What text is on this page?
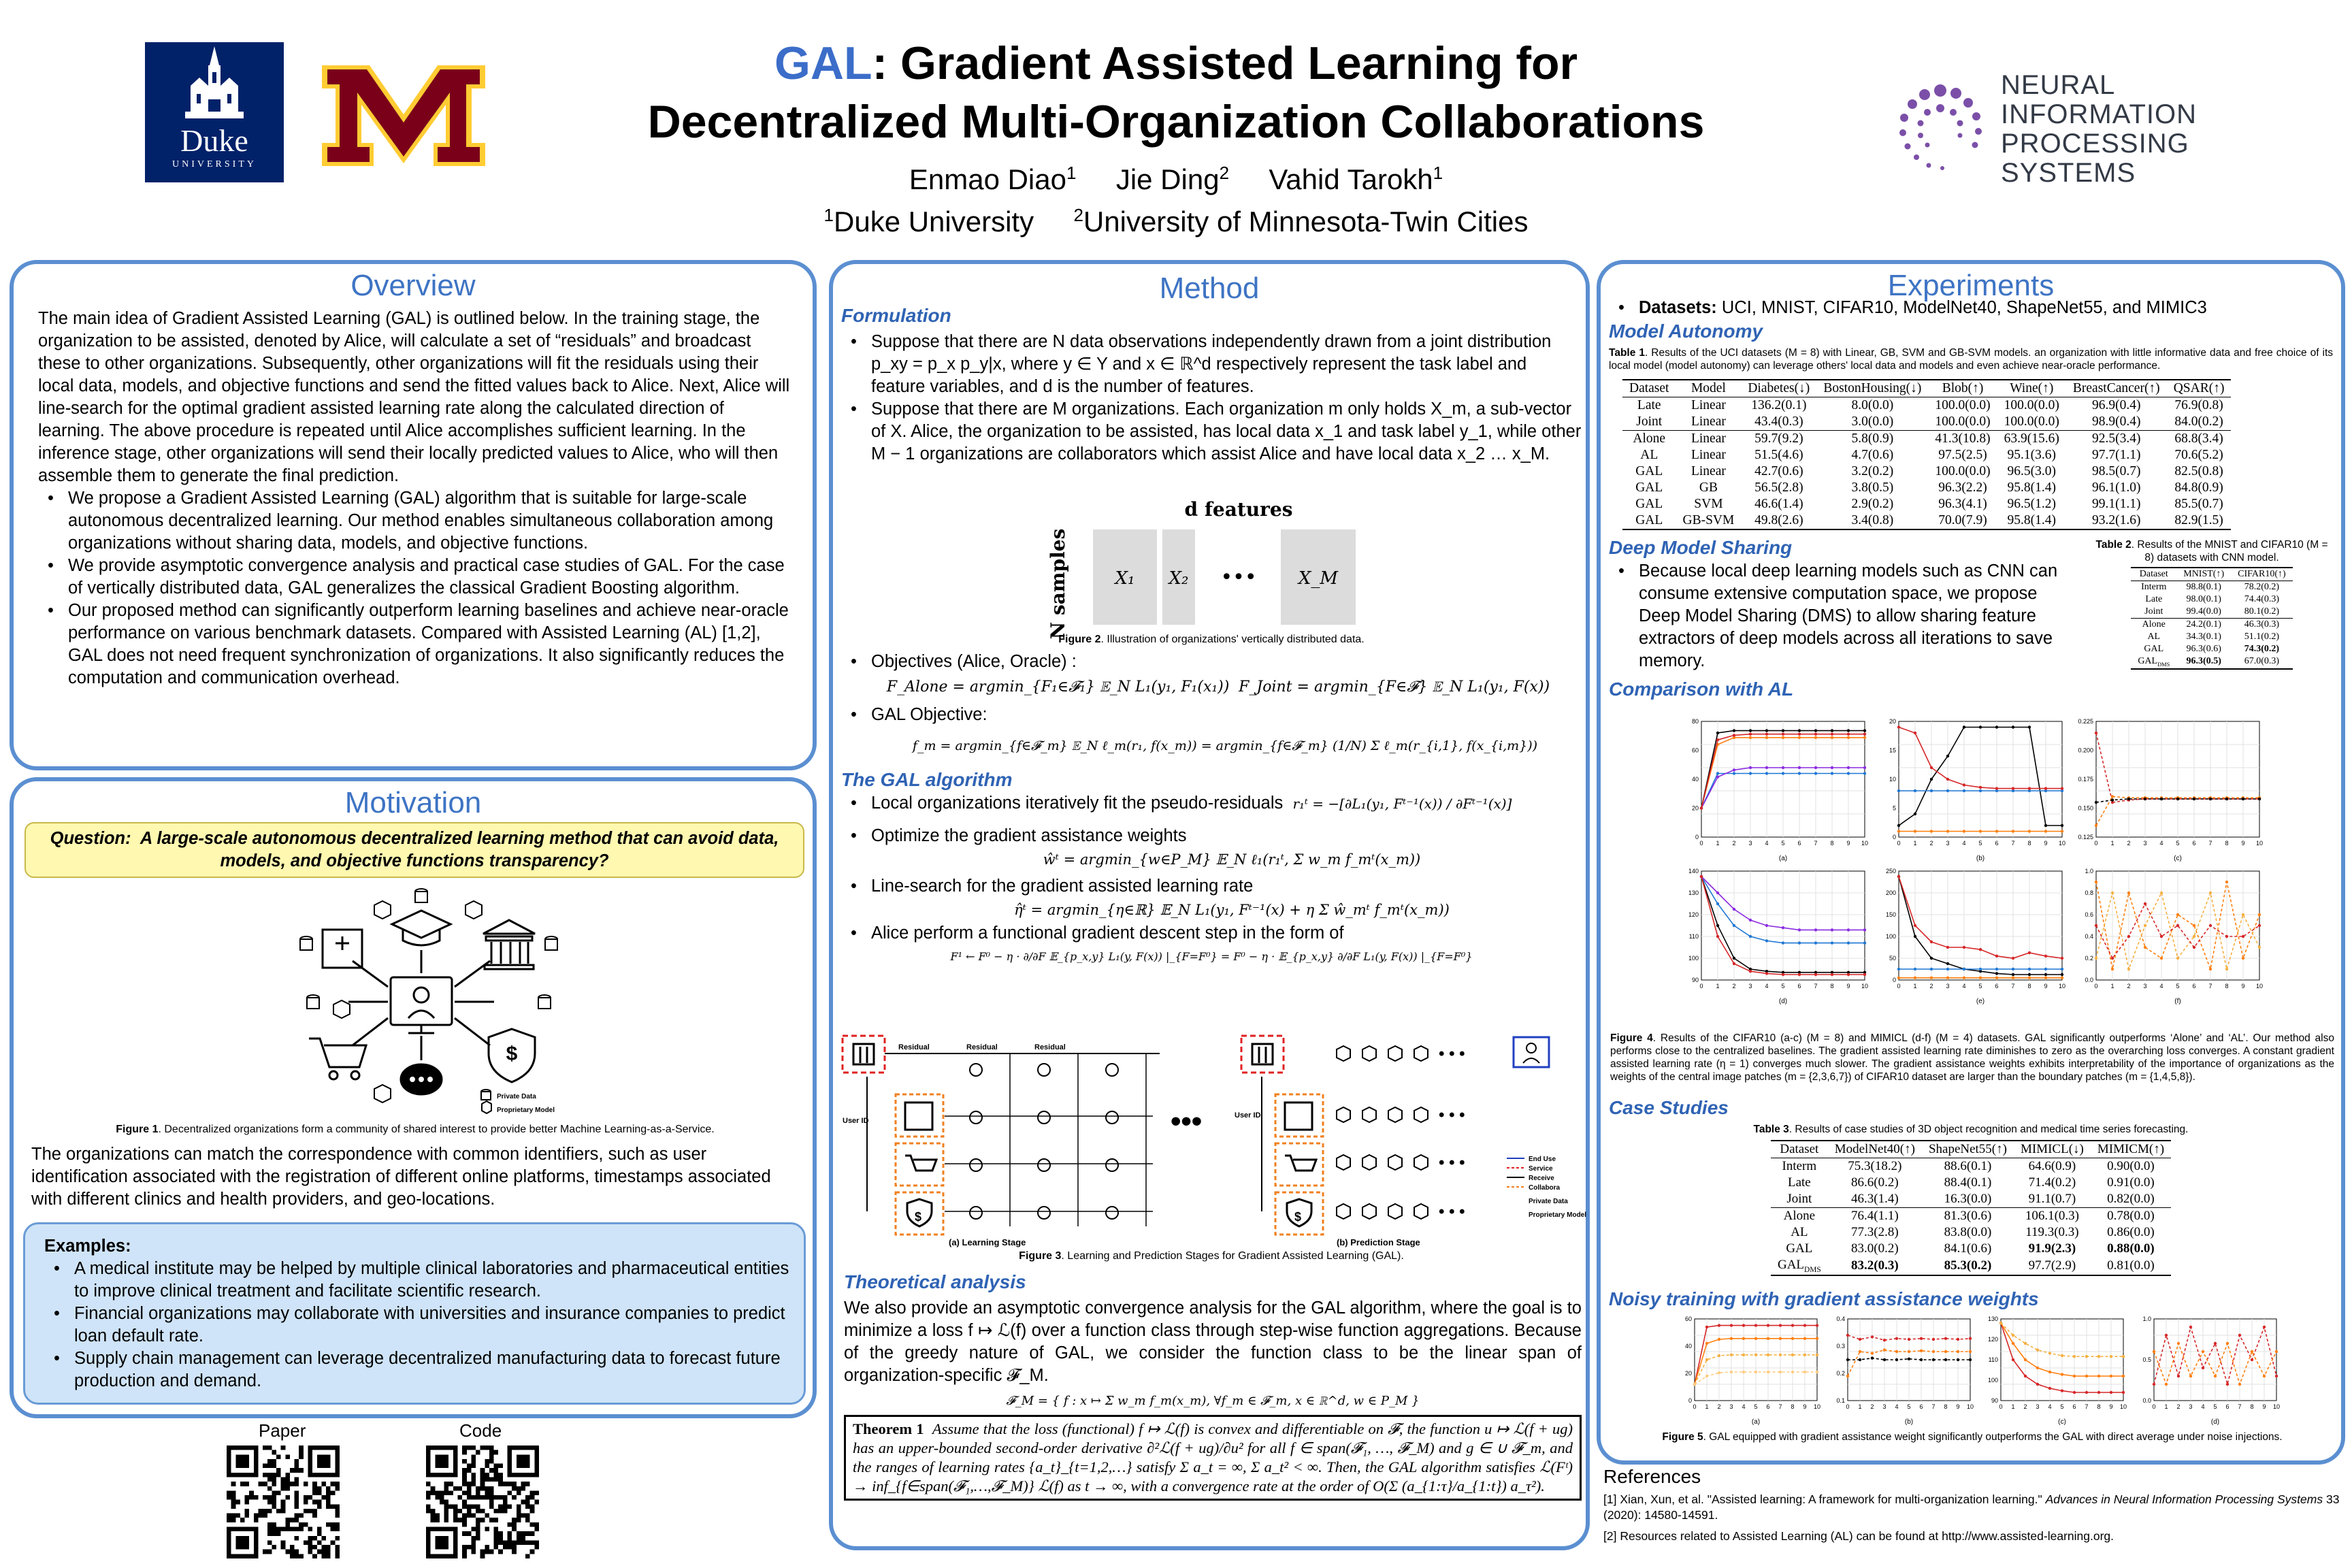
Duke
UNIVERSITY
GAL: Gradient Assisted Learning for
Decentralized Multi-Organization Collaborations
Enmao Diao$^1$ Jie Ding$^2$ Vahid Tarokh$^1$
$^1$Duke University $^2$University of Minnesota-Twin Cities
NEURAL INFORMATION
PROCESSING SYSTEMS
Overview

The main idea of Gradient Assisted Learning (GAL) is outlined below. In the training stage, the organization to be assisted, denoted by Alice, will calculate a set of “residuals” and broadcast these to other organizations. Subsequently, other organizations will fit the residuals using their local data, models, and objective functions and send the fitted values back to Alice. Next, Alice will line-search for the optimal gradient assisted learning rate along the calculated direction of learning. The above procedure is repeated until Alice accomplishes sufficient learning. In the inference stage, other organizations will send their locally predicted values to Alice, who will then assemble them to generate the final prediction.

• We propose a Gradient Assisted Learning (GAL) algorithm that is suitable for large-scale autonomous decentralized learning. Our method enables simultaneous collaboration among organizations without sharing data, models, and objective functions.
• We provide asymptotic convergence analysis and practical case studies of GAL. For the case of vertically distributed data, GAL generalizes the classical Gradient Boosting algorithm.
• Our proposed method can significantly outperform learning baselines and achieve near-oracle performance on various benchmark datasets. Compared with Assisted Learning (AL) [1,2], GAL does not need frequent synchronization of organizations. It also significantly reduces the computation and communication overhead.
Motivation
Question: A large-scale autonomous decentralized learning method that can avoid data, models, and objective functions transparency?
$
Private Data
Proprietary Model
Figure 1. Decentralized organizations form a community of shared interest to provide better Machine Learning-as-a-Service.
The organizations can match the correspondence with common identifiers, such as user identification associated with the registration of different online platforms, timestamps associated with different clinics and health providers, and geo-locations.
Examples:
• A medical institute may be helped by multiple clinical laboratories and pharmaceutical entities to improve clinical treatment and facilitate scientific research.
• Financial organizations may collaborate with universities and insurance companies to predict loan default rate.
• Supply chain management can leverage decentralized manufacturing data to forecast future production and demand.
Paper	Code
Method
Formulation
• Suppose that there are N data observations independently drawn from a joint distribution p_xy = p_x p_y|x, where y ∈ Y and x ∈ ℝ^d respectively represent the task label and feature variables, and d is the number of features.
• Suppose that there are M organizations. Each organization m only holds X_m, a sub-vector of X. Alice, the organization to be assisted, has local data x_1 and task label y_1, while other M − 1 organizations are collaborators which assist Alice and have local data x_2 … x_M.
d features
N samples	X₁ X₂ ••• X_M
Figure 2. Illustration of organizations' vertically distributed data.
• Objectives (Alice, Oracle) :
F_Alone = argmin_{F₁∈𝓕₁} 𝔼_N L₁(y₁, F₁(x₁)) F_Joint = argmin_{F∈𝓕} 𝔼_N L₁(y₁, F(x))
• GAL Objective:
f_m = argmin_{f∈𝓕_m} 𝔼_N ℓ_m(r₁, f(x_m)) = argmin_{f∈𝓕_m} (1/N) Σ ℓ_m(r_{i,1}, f(x_{i,m}))
The GAL algorithm
• Local organizations iteratively fit the pseudo-residuals r₁ᵗ = −[∂L₁(y₁, Fᵗ⁻¹(x)) / ∂Fᵗ⁻¹(x)]
• Optimize the gradient assistance weights
ŵᵗ = argmin_{w∈P_M} 𝔼_N ℓ₁(r₁ᵗ, Σ w_m f_mᵗ(x_m))
• Line-search for the gradient assisted learning rate
η̂ᵗ = argmin_{η∈ℝ} 𝔼_N L₁(y₁, Fᵗ⁻¹(x) + η Σ ŵ_mᵗ f_mᵗ(x_m))
• Alice perform a functional gradient descent step in the form of
F¹ ← F⁰ − η · ∂/∂F 𝔼_{p_x,y} L₁(y, F(x)) |_{F=F⁰} = F⁰ − η · 𝔼_{p_x,y} ∂/∂F L₁(y, F(x)) |_{F=F⁰}
Residual	Residual	Residual
User ID
$
(a) Learning Stage
•••	User ID
$
• • •
• • •
• • •
• • •
(b) Prediction Stage
End Use
Service
Receive
Collabora
Private Data
Proprietary Model
Figure 3. Learning and Prediction Stages for Gradient Assisted Learning (GAL).
Theoretical analysis
We also provide an asymptotic convergence analysis for the GAL algorithm, where the goal is to minimize a loss f ↦ ℒ(f) over a function class through step-wise function aggregations. Because of the greedy nature of GAL, we consider the function class to be the linear span of organization-specific 𝓕_M.
𝓕_M = { f : x ↦ Σ w_m f_m(x_m), ∀f_m ∈ 𝓕_m, x ∈ ℝ^d, w ∈ P_M }
Theorem 1 Assume that the loss (functional) f ↦ ℒ(f) is convex and differentiable on 𝓕, the function u ↦ ℒ(f + ug) has an upper-bounded second-order derivative ∂²ℒ(f + ug)/∂u² for all f ∈ span(𝓕₁, …, 𝓕_M) and g ∈ ∪ 𝓕_m, and the ranges of learning rates {a_t}_{t=1,2,…} satisfy Σ a_t = ∞, Σ a_t² < ∞. Then, the GAL algorithm satisfies ℒ(Fᵗ) → inf_{f∈span(𝓕₁,…,𝓕_M)} ℒ(f) as t → ∞, with a convergence rate at the order of O(Σ (a_{1:τ}/a_{1:t}) a_τ²).
Experiments
• Datasets: UCI, MNIST, CIFAR10, ModelNet40, ShapeNet55, and MIMIC3
Model Autonomy
Table 1. Results of the UCI datasets (M = 8) with Linear, GB, SVM and GB-SVM models. an organization with little informative data and free choice of its local model (model autonomy) can leverage others' local data and models and even achieve near-oracle performance.
Dataset	Model	Diabetes(↓)	BostonHousing(↓)	Blob(↑)	Wine(↑)	BreastCancer(↑)	QSAR(↑)
Late	Linear	136.2(0.1)	8.0(0.0)	100.0(0.0)	100.0(0.0)	96.9(0.4)	76.9(0.8)
Joint	Linear	43.4(0.3)	3.0(0.0)	100.0(0.0)	100.0(0.0)	98.9(0.4)	84.0(0.2)
Alone	Linear	59.7(9.2)	5.8(0.9)	41.3(10.8)	63.9(15.6)	92.5(3.4)	68.8(3.4)
AL	Linear	51.5(4.6)	4.7(0.6)	97.5(2.5)	95.1(3.6)	97.7(1.1)	70.6(5.2)
GAL	Linear	42.7(0.6)	3.2(0.2)	100.0(0.0)	96.5(3.0)	98.5(0.7)	82.5(0.8)
GAL	GB	56.5(2.8)	3.8(0.5)	96.3(2.2)	95.8(1.4)	96.1(1.0)	84.8(0.9)
GAL	SVM	46.6(1.4)	2.9(0.2)	96.3(4.1)	96.5(1.2)	99.1(1.1)	85.5(0.7)
GAL	GB-SVM	49.8(2.6)	3.4(0.8)	70.0(7.9)	95.8(1.4)	93.2(1.6)	82.9(1.5)
Deep Model Sharing
• Because local deep learning models such as CNN can consume extensive computation space, we propose Deep Model Sharing (DMS) to allow sharing feature extractors of deep models across all iterations to save memory.
Table 2. Results of the MNIST and CIFAR10 (M = 8) datasets with CNN model.
Dataset	MNIST(↑)	CIFAR10(↑)
Interm	98.8(0.1)	78.2(0.2)
Late	98.0(0.1)	74.4(0.3)
Joint	99.4(0.0)	80.1(0.2)
Alone	24.2(0.1)	46.3(0.3)
AL	34.3(0.1)	51.1(0.2)
GAL	96.3(0.6)	74.3(0.2)
$GAL_{DMS}$	96.3(0.5)	67.0(0.3)
Comparison with AL
0 1 2 3 4 5 6 7 8 9 10
0
20
40
60
80
(a)
0 1 2 3 4 5 6 7 8 9 10
0
5
10
15
20
(b)
0 1 2 3 4 5 6 7 8 9 10
0.125
0.150
0.175
0.200
0.225
(c)
0 1 2 3 4 5 6 7 8 9 10
90
100
110
120
130
140
(d)
0 1 2 3 4 5 6 7 8 9 10
0
50
100
150
200
250
(e)
0 1 2 3 4 5 6 7 8 9 10
0.0
0.2
0.4
0.6
0.8
1.0
(f)
Figure 4. Results of the CIFAR10 (a-c) (M = 8) and MIMICL (d-f) (M = 4) datasets. GAL significantly outperforms ‘Alone’ and ‘AL’. Our method also performs close to the centralized baselines. The gradient assisted learning rate diminishes to zero as the overarching loss converges. A constant gradient assisted learning rate (η = 1) converges much slower. The gradient assistance weights exhibits interpretability of the importance of organizations as the weights of the central image patches (m = {2,3,6,7}) of CIFAR10 dataset are larger than the boundary patches (m = {1,4,5,8}).
Case Studies
Table 3. Results of case studies of 3D object recognition and medical time series forecasting.
Dataset	ModelNet40(↑)	ShapeNet55(↑)	MIMICL(↓)	MIMICM(↑)
Interm	75.3(18.2)	88.6(0.1)	64.6(0.9)	0.90(0.0)
Late	86.6(0.2)	88.4(0.1)	71.4(0.2)	0.91(0.0)
Joint	46.3(1.4)	16.3(0.0)	91.1(0.7)	0.82(0.0)
Alone	76.4(1.1)	81.3(0.6)	106.1(0.3)	0.78(0.0)
AL	77.3(2.8)	83.8(0.0)	119.3(0.3)	0.86(0.0)
GAL	83.0(0.2)	84.1(0.6)	91.9(2.3)	0.88(0.0)
$GAL_{DMS}$	83.2(0.3)	85.3(0.2)	97.7(2.9)	0.81(0.0)
Noisy training with gradient assistance weights
0 1 2 3 4 5 6 7 8 9 10
0
20
40
60
(a)
0 1 2 3 4 5 6 7 8 9 10
0.1
0.2
0.3
0.4
(b)
0 1 2 3 4 5 6 7 8 9 10
90
100
110
120
130
(c)
0 1 2 3 4 5 6 7 8 9 10
0.0
0.5
1.0
(d)
Figure 5. GAL equipped with gradient assistance weight significantly outperforms the GAL with direct average under noise injections.
References
[1] Xian, Xun, et al. "Assisted learning: A framework for multi-organization learning." Advances in Neural Information Processing Systems 33 (2020): 14580-14591.
[2] Resources related to Assisted Learning (AL) can be found at http://www.assisted-learning.org.
